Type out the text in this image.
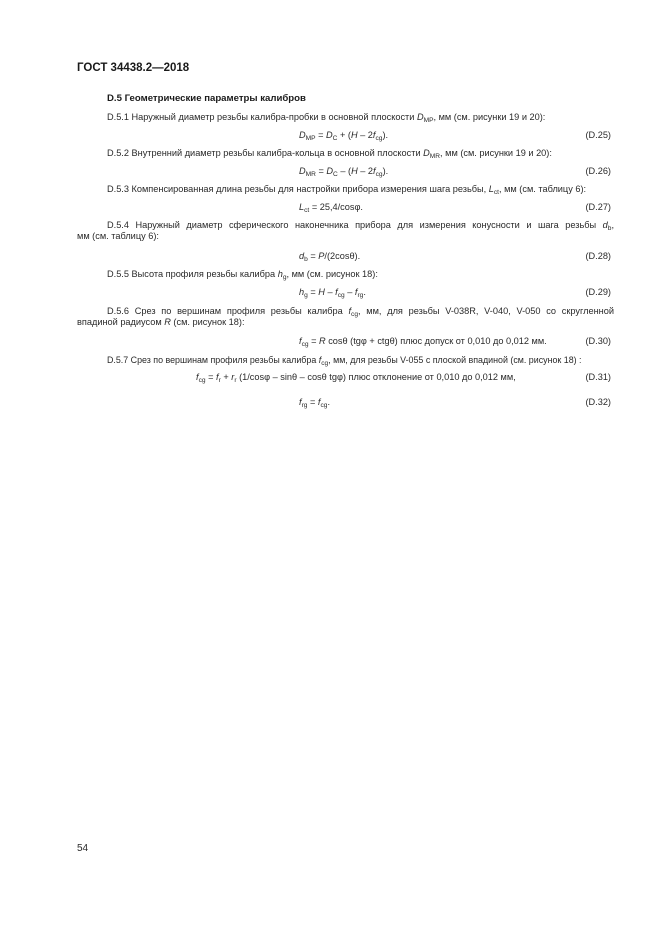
ГОСТ 34438.2—2018
D.5 Геометрические параметры калибров
D.5.1 Наружный диаметр резьбы калибра-пробки в основной плоскости $D_{MP}$, мм (см. рисунки 19 и 20):
$D_{MP} = D_C + (H - 2f_{cg})$.	(D.25)
D.5.2 Внутренний диаметр резьбы калибра-кольца в основной плоскости $D_{MR}$, мм (см. рисунки 19 и 20):
$D_{MR} = D_C - (H - 2f_{cg})$.	(D.26)
D.5.3 Компенсированная длина резьбы для настройки прибора измерения шага резьбы, $L_{ct}$, мм (см. таблицу 6):
$L_{ct} = 25,4/\cos\varphi$.	(D.27)
D.5.4 Наружный диаметр сферического наконечника прибора для измерения конусности и шага резьбы $d_b$,
мм (см. таблицу 6):
$d_b = P/(2\cos\theta)$.	(D.28)
D.5.5 Высота профиля резьбы калибра $h_g$, мм (см. рисунок 18):
$h_g = H - f_{cg} - f_{rg}$.	(D.29)
D.5.6 Срез по вершинам профиля резьбы калибра $f_{cg}$, мм, для резьбы V-038R, V-040, V-050 со скругленной
впадиной радиусом R (см. рисунок 18):
$f_{cg} = R$ cosθ (tgφ + ctgθ) плюс допуск от 0,010 до 0,012 мм.	(D.30)
D.5.7 Срез по вершинам профиля резьбы калибра $f_{cg}$, мм, для резьбы V-055 с плоской впадиной (см. рисунок 18) :
$f_{cg} = f_r + r_r$ (1/cosφ – sinθ – cosθ tgφ) плюс отклонение от 0,010 до 0,012 мм,	(D.31)
$f_{rg} = f_{cg}$.	(D.32)
54
